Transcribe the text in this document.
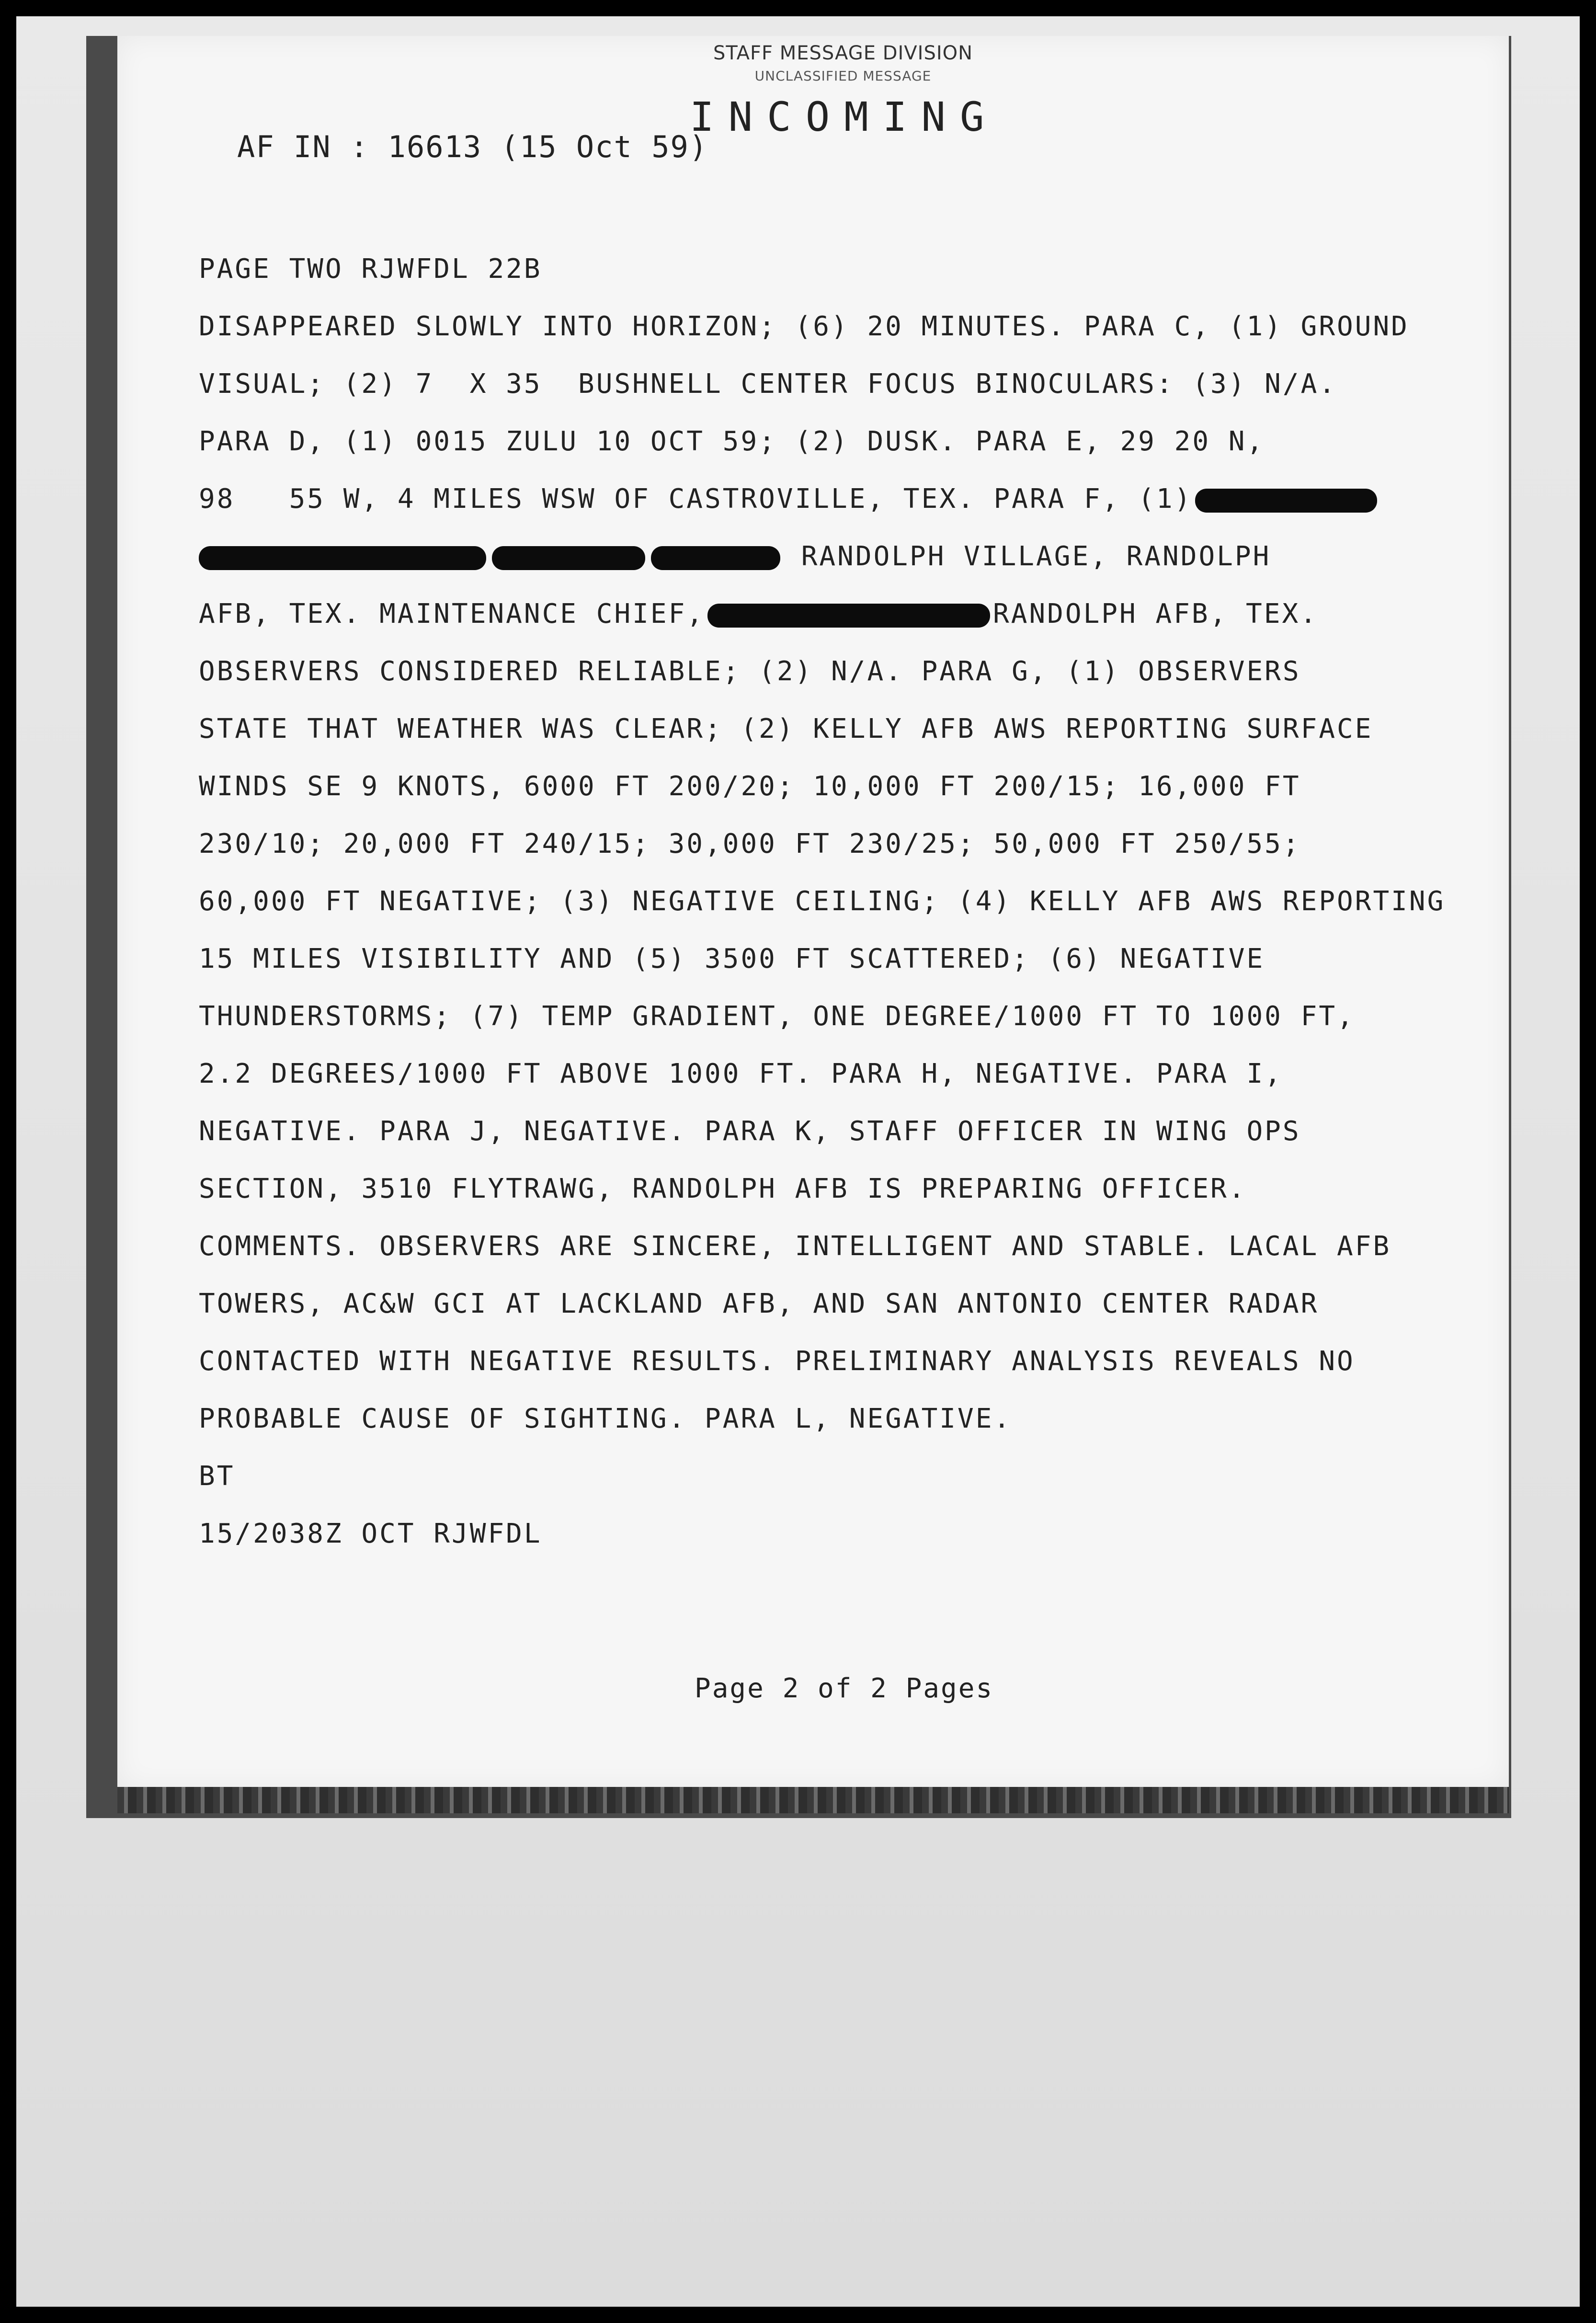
STAFF MESSAGE DIVISION
UNCLASSIFIED MESSAGE
INCOMING
AF IN : 16613 (15 Oct 59)
PAGE TWO RJWFDL 22B
DISAPPEARED SLOWLY INTO HORIZON; (6) 20 MINUTES. PARA C, (1) GROUND
VISUAL; (2) 7  X 35  BUSHNELL CENTER FOCUS BINOCULARS: (3) N/A.
PARA D, (1) 0015 ZULU 10 OCT 59; (2) DUSK. PARA E, 29 20 N,
98   55 W, 4 MILES WSW OF CASTROVILLE, TEX. PARA F, (1)
RANDOLPH VILLAGE, RANDOLPH
AFB, TEX. MAINTENANCE CHIEF,	RANDOLPH AFB, TEX.
OBSERVERS CONSIDERED RELIABLE; (2) N/A. PARA G, (1) OBSERVERS
STATE THAT WEATHER WAS CLEAR; (2) KELLY AFB AWS REPORTING SURFACE
WINDS SE 9 KNOTS, 6000 FT 200/20; 10,000 FT 200/15; 16,000 FT
230/10; 20,000 FT 240/15; 30,000 FT 230/25; 50,000 FT 250/55;
60,000 FT NEGATIVE; (3) NEGATIVE CEILING; (4) KELLY AFB AWS REPORTING
15 MILES VISIBILITY AND (5) 3500 FT SCATTERED; (6) NEGATIVE
THUNDERSTORMS; (7) TEMP GRADIENT, ONE DEGREE/1000 FT TO 1000 FT,
2.2 DEGREES/1000 FT ABOVE 1000 FT. PARA H, NEGATIVE. PARA I,
NEGATIVE. PARA J, NEGATIVE. PARA K, STAFF OFFICER IN WING OPS
SECTION, 3510 FLYTRAWG, RANDOLPH AFB IS PREPARING OFFICER.
COMMENTS. OBSERVERS ARE SINCERE, INTELLIGENT AND STABLE. LACAL AFB
TOWERS, AC&W GCI AT LACKLAND AFB, AND SAN ANTONIO CENTER RADAR
CONTACTED WITH NEGATIVE RESULTS. PRELIMINARY ANALYSIS REVEALS NO
PROBABLE CAUSE OF SIGHTING. PARA L, NEGATIVE.
BT
15/2038Z OCT RJWFDL
Page 2 of 2 Pages
